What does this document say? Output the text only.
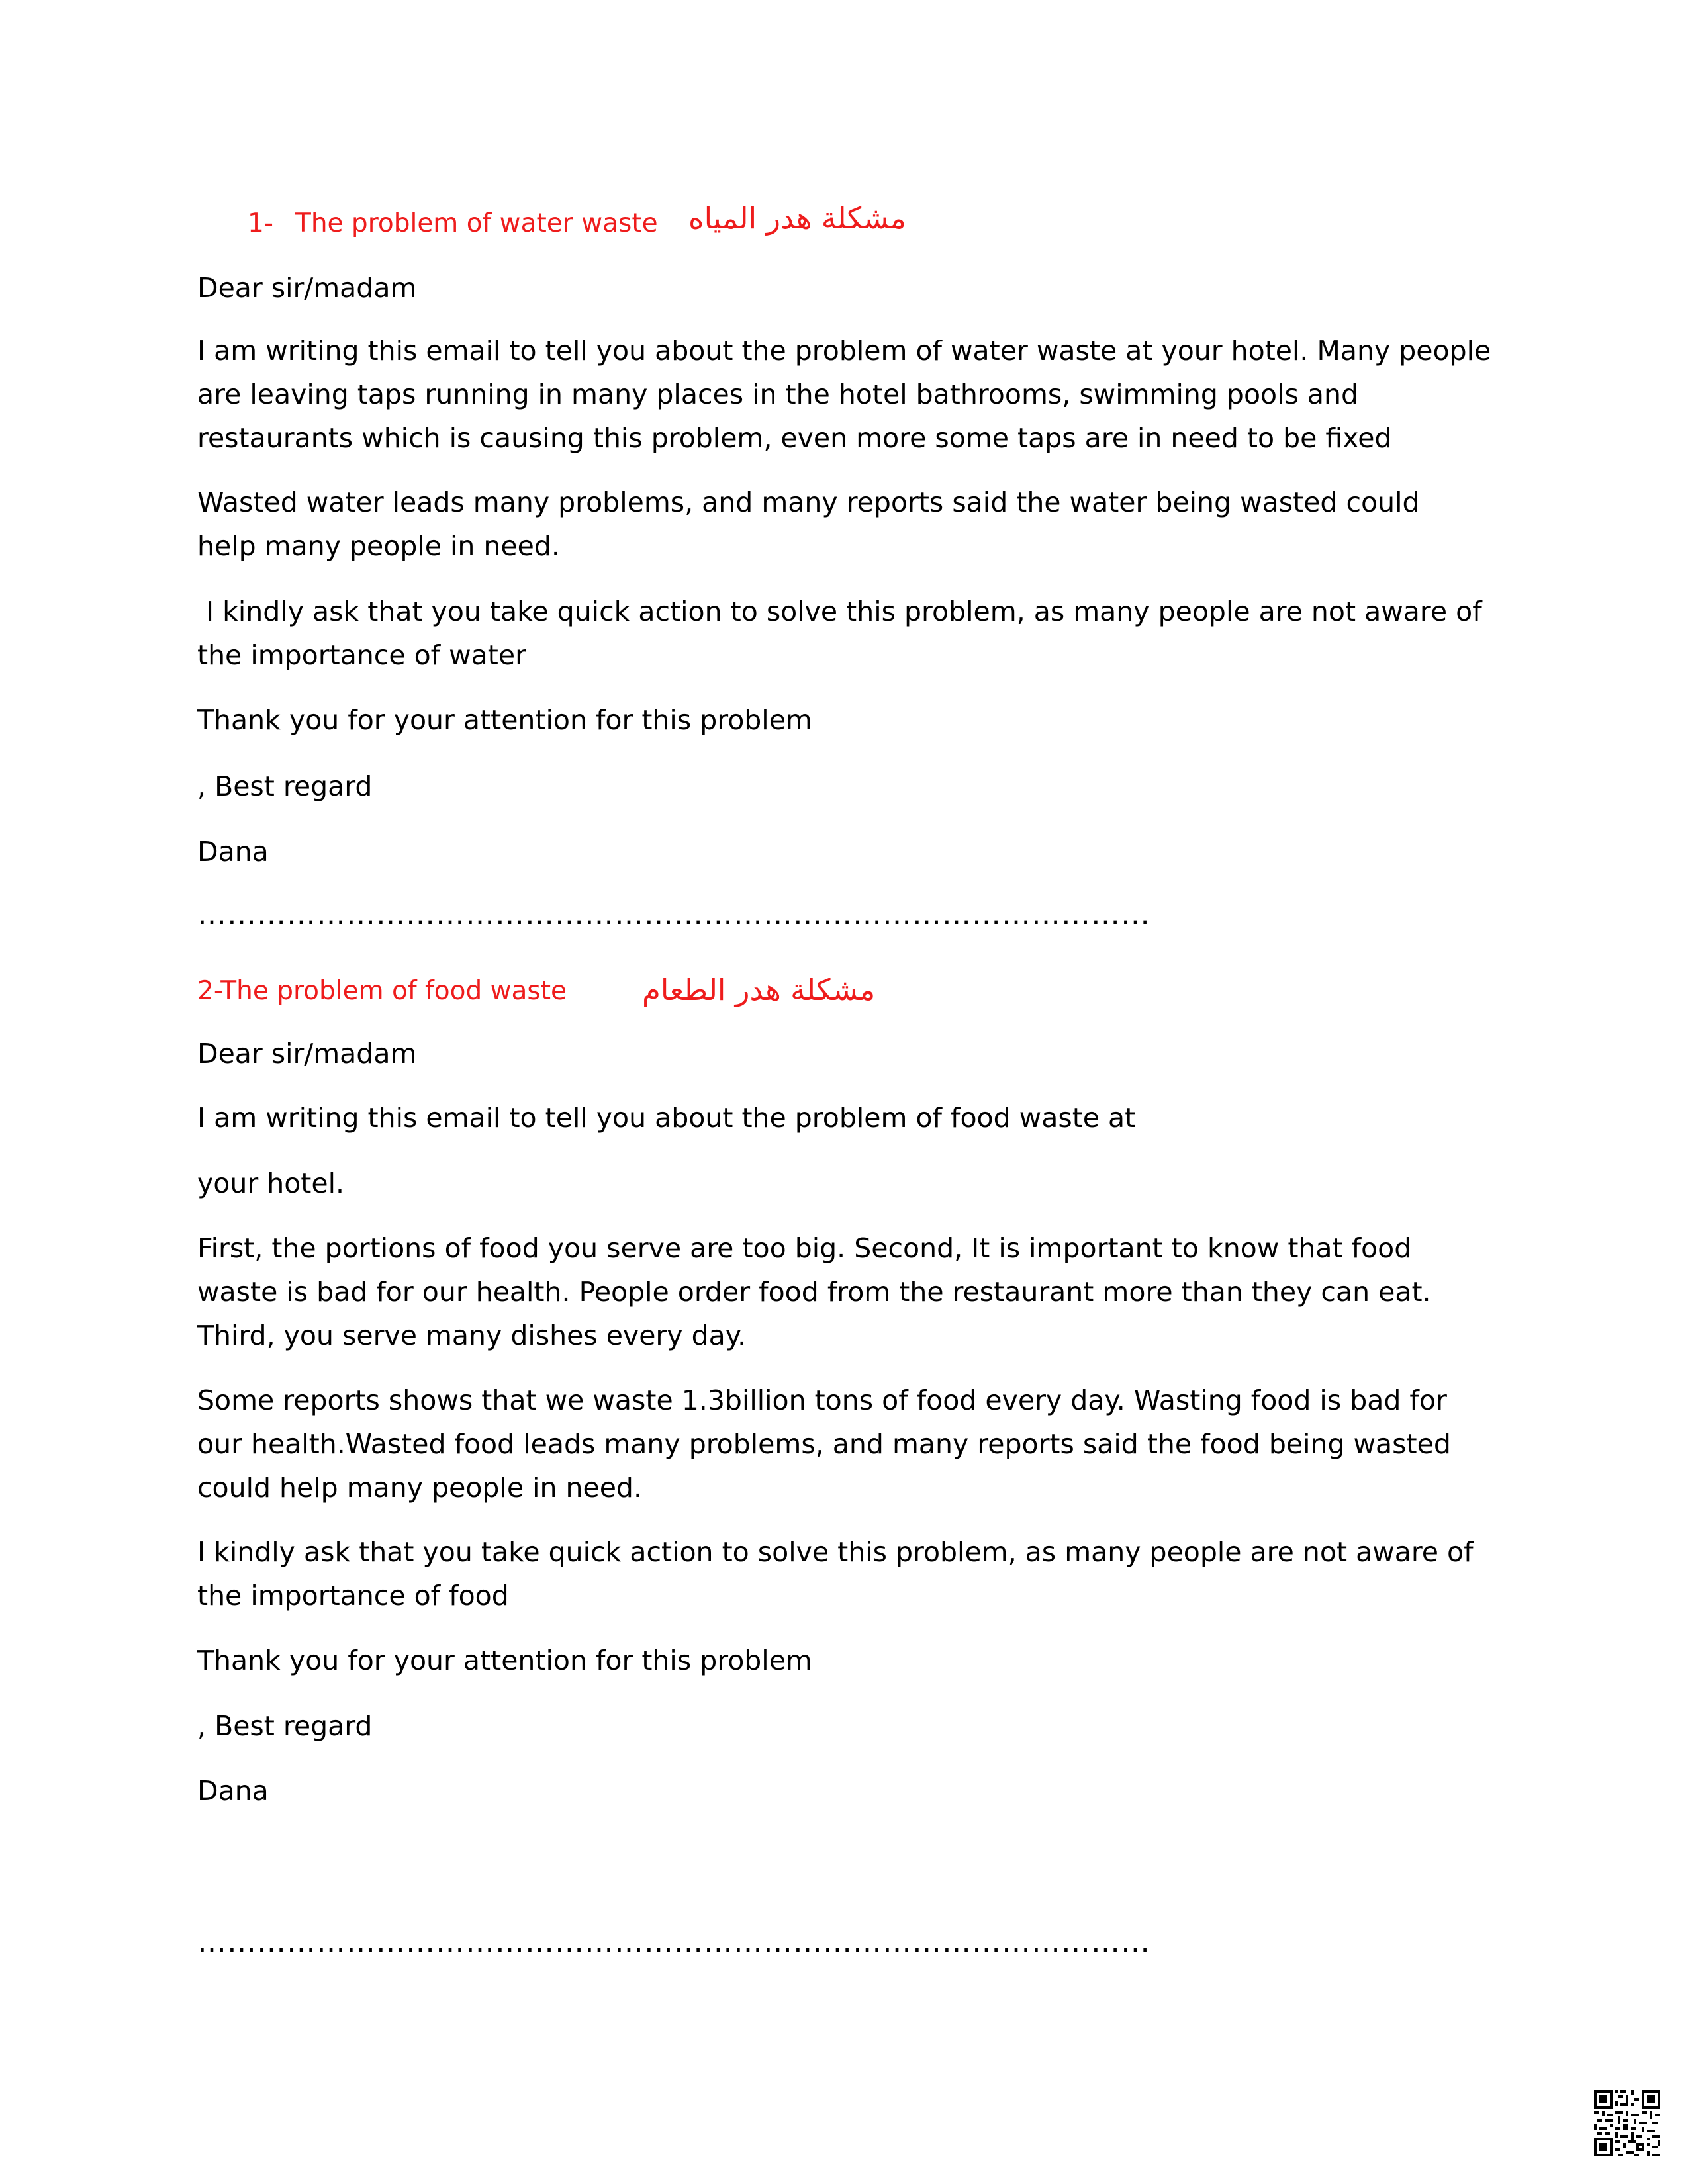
1- The problem of water waste مشكلة هدر المياه

Dear sir/madam

I am writing this email to tell you about the problem of water waste at your hotel. Many people are leaving taps running in many places in the hotel bathrooms, swimming pools and restaurants which is causing this problem, even more some taps are in need to be fixed

Wasted water leads many problems, and many reports said the water being wasted could help many people in need.

I kindly ask that you take quick action to solve this problem, as many people are not aware of the importance of water

Thank you for your attention for this problem

, Best regard

Dana

……………………………………………………………………………………

2-The problem of food waste	مشكلة هدر الطعام

Dear sir/madam

I am writing this email to tell you about the problem of food waste at

your hotel.

First, the portions of food you serve are too big. Second, It is important to know that food waste is bad for our health. People order food from the restaurant more than they can eat. Third, you serve many dishes every day.

Some reports shows that we waste 1.3billion tons of food every day. Wasting food is bad for our health.Wasted food leads many problems, and many reports said the food being wasted could help many people in need.

I kindly ask that you take quick action to solve this problem, as many people are not aware of the importance of food

Thank you for your attention for this problem

, Best regard

Dana

……………………………………………………………………………………
